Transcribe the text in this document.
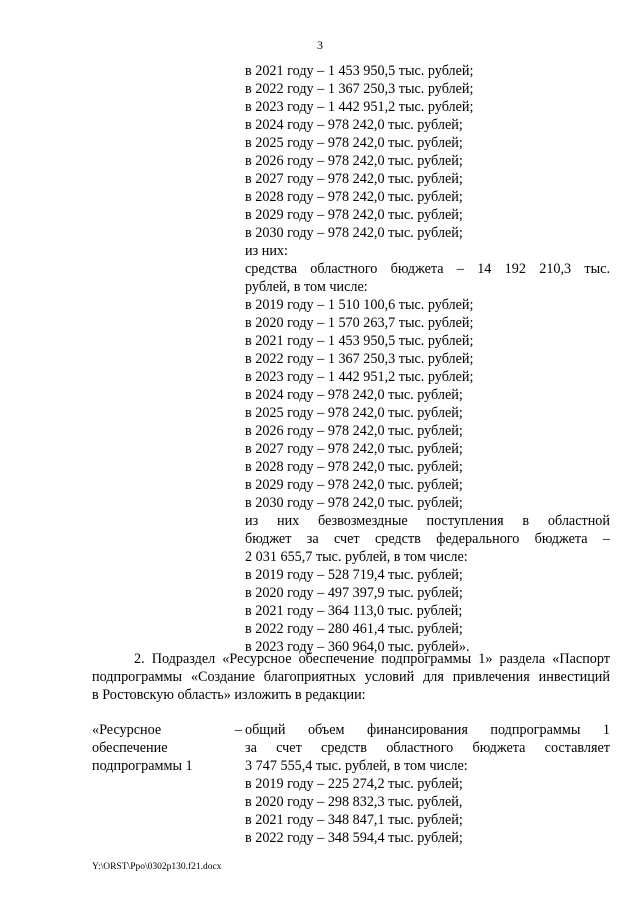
3
в 2021 году – 1 453 950,5 тыс. рублей;
в 2022 году – 1 367 250,3 тыс. рублей;
в 2023 году – 1 442 951,2 тыс. рублей;
в 2024 году – 978 242,0 тыс. рублей;
в 2025 году – 978 242,0 тыс. рублей;
в 2026 году – 978 242,0 тыс. рублей;
в 2027 году – 978 242,0 тыс. рублей;
в 2028 году – 978 242,0 тыс. рублей;
в 2029 году – 978 242,0 тыс. рублей;
в 2030 году – 978 242,0 тыс. рублей;
из них:
средства областного бюджета – 14 192 210,3 тыс.
рублей, в том числе:
в 2019 году – 1 510 100,6 тыс. рублей;
в 2020 году – 1 570 263,7 тыс. рублей;
в 2021 году – 1 453 950,5 тыс. рублей;
в 2022 году – 1 367 250,3 тыс. рублей;
в 2023 году – 1 442 951,2 тыс. рублей;
в 2024 году – 978 242,0 тыс. рублей;
в 2025 году – 978 242,0 тыс. рублей;
в 2026 году – 978 242,0 тыс. рублей;
в 2027 году – 978 242,0 тыс. рублей;
в 2028 году – 978 242,0 тыс. рублей;
в 2029 году – 978 242,0 тыс. рублей;
в 2030 году – 978 242,0 тыс. рублей;
из них безвозмездные поступления в областной
бюджет за счет средств федерального бюджета –
2 031 655,7 тыс. рублей, в том числе:
в 2019 году – 528 719,4 тыс. рублей;
в 2020 году – 497 397,9 тыс. рублей;
в 2021 году – 364 113,0 тыс. рублей;
в 2022 году – 280 461,4 тыс. рублей;
в 2023 году – 360 964,0 тыс. рублей».
2. Подраздел «Ресурсное обеспечение подпрограммы 1» раздела «Паспорт
подпрограммы «Создание благоприятных условий для привлечения инвестиций
в Ростовскую область» изложить в редакции:
«Ресурсное	–
обеспечение
подпрограммы 1
общий объем финансирования подпрограммы 1
за счет средств областного бюджета составляет
3 747 555,4 тыс. рублей, в том числе:
в 2019 году – 225 274,2 тыс. рублей;
в 2020 году – 298 832,3 тыс. рублей,
в 2021 году – 348 847,1 тыс. рублей;
в 2022 году – 348 594,4 тыс. рублей;
Y:\ORST\Ppo\0302p130.f21.docx
